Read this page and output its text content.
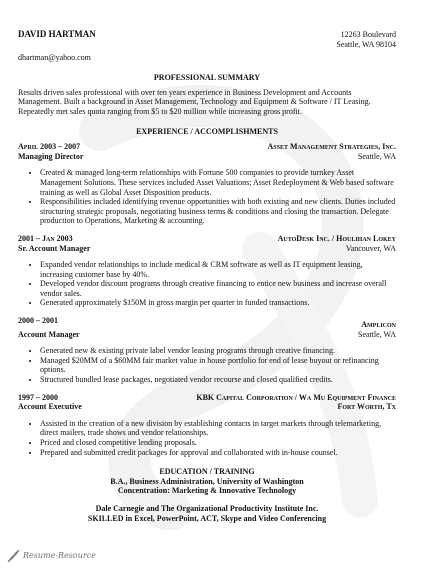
DAVID HARTMAN
dhartman@yahoo.com
12263 Boulevard
Seattle, WA 98104
PROFESSIONAL SUMMARY

Results driven sales professional with over ten years experience in Business Development and Accounts Management. Built a background in Asset Management, Technology and Equipment & Software / IT Leasing. Repeatedly met sales quota ranging from $5 to $20 million while increasing gross profit.

EXPERIENCE / ACCOMPLISHMENTS
April 2003 – 2007	Asset Management Strategies, Inc.
Managing Director	Seattle, WA
• Created & managed long-term relationships with Fortune 500 companies to provide turnkey Asset Management Solutions. These services included Asset Valuations; Asset Redeployment & Web based software training as well as Global Asset Disposition products.
• Responsibilities included identifying revenue opportunities with both existing and new clients. Duties included structuring strategic proposals, negotiating business terms & conditions and closing the transaction. Delegate production to Operations, Marketing & accounting.
2001 – Jan 2003	AutoDesk Inc. / Houlihan Lokey
Sr. Account Manager	Vancouver, WA
• Expanded vendor relationships to include medical & CRM software as well as IT equipment leasing, increasing customer base by 40%.
• Developed vendor discount programs through creative financing to entice new business and increase overall vendor sales.
• Generated approximately $150M in gross margin per quarter in funded transactions.
2000 – 2001	Amplicon
Account Manager	Seattle, WA
• Generated new & existing private label vendor leasing programs through creative financing.
• Managed $20MM of a $60MM fair market value in house portfolio for end of lease buyout or refinancing options.
• Structured bundled lease packages, negotiated vendor recourse and closed qualified credits.
1997 – 2000	KBK Capital Corporation / Wa Mu Equipment Finance
Account Executive	Fort Worth, Tx
• Assisted in the creation of a new division by establishing contacts in target markets through telemarketing, direct mailers, trade shows and vendor relationships.
• Priced and closed competitive lending proposals.
• Prepared and submitted credit packages for approval and collaborated with in-house counsel.
EDUCATION / TRAINING
B.A., Business Administration, University of Washington
Concentration: Marketing & Innovative Technology
Dale Carnegie and The Organizational Productivity Institute Inc.
SKILLED in Excel, PowerPoint, ACT, Skype and Video Conferencing
Resume-Resource
